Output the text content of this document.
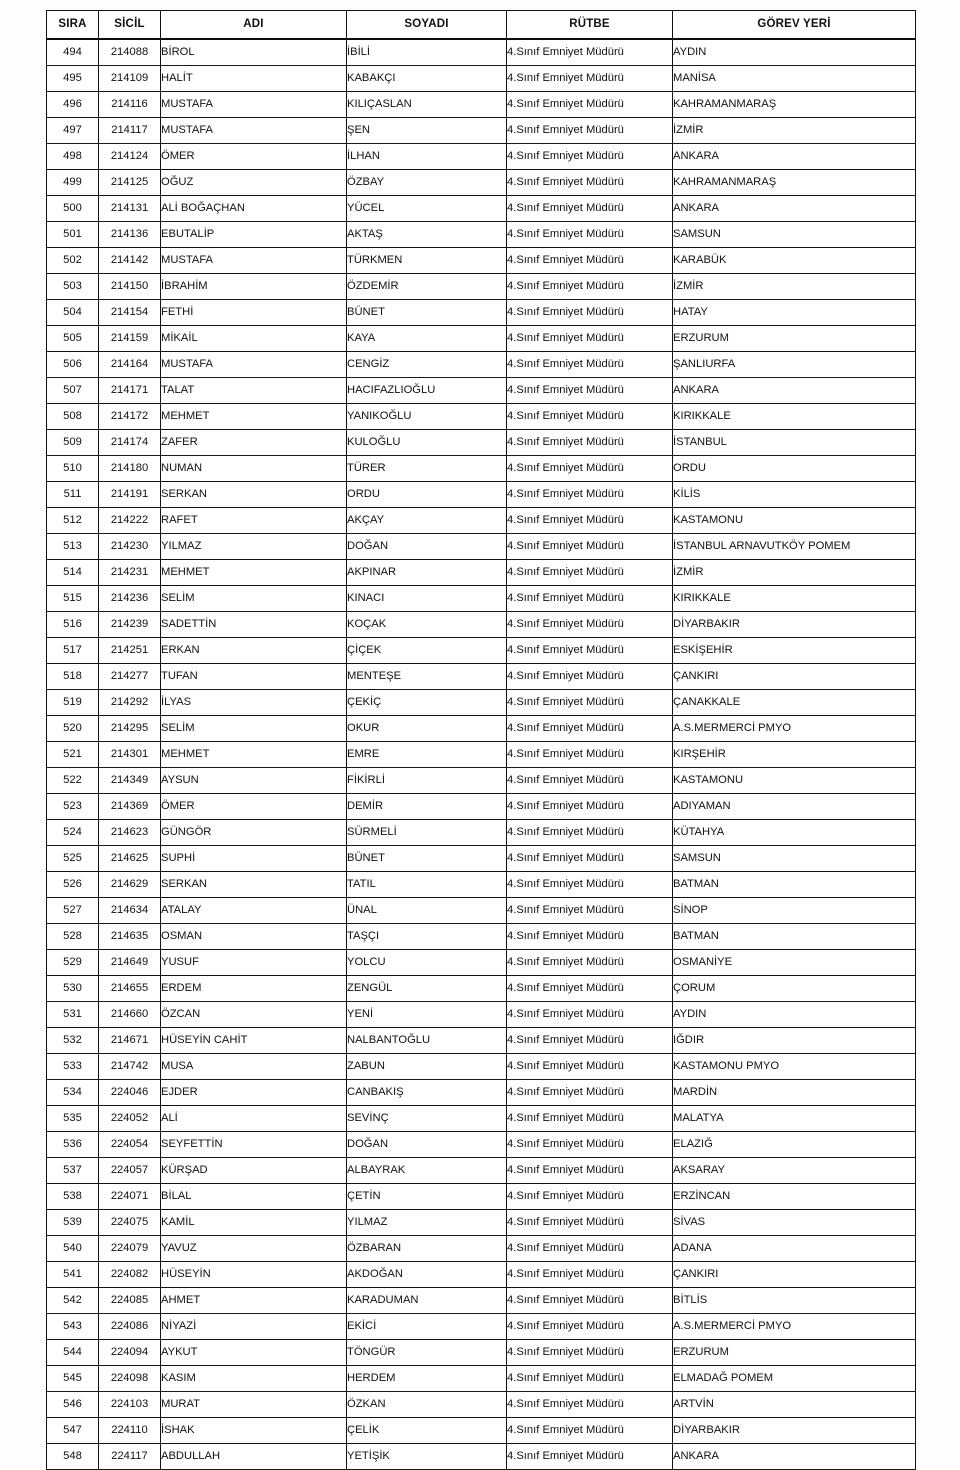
SIRA	SİCİL	ADI	SOYADI	RÜTBE	GÖREV YERİ
494	214088	BİROL	İBİLİ	4.Sınıf Emniyet Müdürü	AYDIN
495	214109	HALİT	KABAKÇI	4.Sınıf Emniyet Müdürü	MANİSA
496	214116	MUSTAFA	KILIÇASLAN	4.Sınıf Emniyet Müdürü	KAHRAMANMARAŞ
497	214117	MUSTAFA	ŞEN	4.Sınıf Emniyet Müdürü	İZMİR
498	214124	ÖMER	İLHAN	4.Sınıf Emniyet Müdürü	ANKARA
499	214125	OĞUZ	ÖZBAY	4.Sınıf Emniyet Müdürü	KAHRAMANMARAŞ
500	214131	ALİ BOĞAÇHAN	YÜCEL	4.Sınıf Emniyet Müdürü	ANKARA
501	214136	EBUTALİP	AKTAŞ	4.Sınıf Emniyet Müdürü	SAMSUN
502	214142	MUSTAFA	TÜRKMEN	4.Sınıf Emniyet Müdürü	KARABÜK
503	214150	İBRAHİM	ÖZDEMİR	4.Sınıf Emniyet Müdürü	İZMİR
504	214154	FETHİ	BÜNET	4.Sınıf Emniyet Müdürü	HATAY
505	214159	MİKAİL	KAYA	4.Sınıf Emniyet Müdürü	ERZURUM
506	214164	MUSTAFA	CENGİZ	4.Sınıf Emniyet Müdürü	ŞANLIURFA
507	214171	TALAT	HACIFAZLIOĞLU	4.Sınıf Emniyet Müdürü	ANKARA
508	214172	MEHMET	YANIKOĞLU	4.Sınıf Emniyet Müdürü	KIRIKKALE
509	214174	ZAFER	KULOĞLU	4.Sınıf Emniyet Müdürü	İSTANBUL
510	214180	NUMAN	TÜRER	4.Sınıf Emniyet Müdürü	ORDU
511	214191	SERKAN	ORDU	4.Sınıf Emniyet Müdürü	KİLİS
512	214222	RAFET	AKÇAY	4.Sınıf Emniyet Müdürü	KASTAMONU
513	214230	YILMAZ	DOĞAN	4.Sınıf Emniyet Müdürü	İSTANBUL ARNAVUTKÖY POMEM
514	214231	MEHMET	AKPINAR	4.Sınıf Emniyet Müdürü	İZMİR
515	214236	SELİM	KINACI	4.Sınıf Emniyet Müdürü	KIRIKKALE
516	214239	SADETTİN	KOÇAK	4.Sınıf Emniyet Müdürü	DİYARBAKIR
517	214251	ERKAN	ÇİÇEK	4.Sınıf Emniyet Müdürü	ESKİŞEHİR
518	214277	TUFAN	MENTEŞE	4.Sınıf Emniyet Müdürü	ÇANKIRI
519	214292	İLYAS	ÇEKİÇ	4.Sınıf Emniyet Müdürü	ÇANAKKALE
520	214295	SELİM	OKUR	4.Sınıf Emniyet Müdürü	A.S.MERMERCİ PMYO
521	214301	MEHMET	EMRE	4.Sınıf Emniyet Müdürü	KIRŞEHİR
522	214349	AYSUN	FİKİRLİ	4.Sınıf Emniyet Müdürü	KASTAMONU
523	214369	ÖMER	DEMİR	4.Sınıf Emniyet Müdürü	ADIYAMAN
524	214623	GÜNGÖR	SÜRMELİ	4.Sınıf Emniyet Müdürü	KÜTAHYA
525	214625	SUPHİ	BÜNET	4.Sınıf Emniyet Müdürü	SAMSUN
526	214629	SERKAN	TATIL	4.Sınıf Emniyet Müdürü	BATMAN
527	214634	ATALAY	ÜNAL	4.Sınıf Emniyet Müdürü	SİNOP
528	214635	OSMAN	TAŞÇI	4.Sınıf Emniyet Müdürü	BATMAN
529	214649	YUSUF	YOLCU	4.Sınıf Emniyet Müdürü	OSMANİYE
530	214655	ERDEM	ZENGÜL	4.Sınıf Emniyet Müdürü	ÇORUM
531	214660	ÖZCAN	YENİ	4.Sınıf Emniyet Müdürü	AYDIN
532	214671	HÜSEYİN CAHİT	NALBANTOĞLU	4.Sınıf Emniyet Müdürü	IĞDIR
533	214742	MUSA	ZABUN	4.Sınıf Emniyet Müdürü	KASTAMONU PMYO
534	224046	EJDER	CANBAKIŞ	4.Sınıf Emniyet Müdürü	MARDİN
535	224052	ALİ	SEVİNÇ	4.Sınıf Emniyet Müdürü	MALATYA
536	224054	SEYFETTİN	DOĞAN	4.Sınıf Emniyet Müdürü	ELAZIĞ
537	224057	KÜRŞAD	ALBAYRAK	4.Sınıf Emniyet Müdürü	AKSARAY
538	224071	BİLAL	ÇETİN	4.Sınıf Emniyet Müdürü	ERZİNCAN
539	224075	KAMİL	YILMAZ	4.Sınıf Emniyet Müdürü	SİVAS
540	224079	YAVUZ	ÖZBARAN	4.Sınıf Emniyet Müdürü	ADANA
541	224082	HÜSEYİN	AKDOĞAN	4.Sınıf Emniyet Müdürü	ÇANKIRI
542	224085	AHMET	KARADUMAN	4.Sınıf Emniyet Müdürü	BİTLİS
543	224086	NİYAZİ	EKİCİ	4.Sınıf Emniyet Müdürü	A.S.MERMERCİ PMYO
544	224094	AYKUT	TÖNGÜR	4.Sınıf Emniyet Müdürü	ERZURUM
545	224098	KASIM	HERDEM	4.Sınıf Emniyet Müdürü	ELMADAĞ POMEM
546	224103	MURAT	ÖZKAN	4.Sınıf Emniyet Müdürü	ARTVİN
547	224110	İSHAK	ÇELİK	4.Sınıf Emniyet Müdürü	DİYARBAKIR
548	224117	ABDULLAH	YETİŞİK	4.Sınıf Emniyet Müdürü	ANKARA
